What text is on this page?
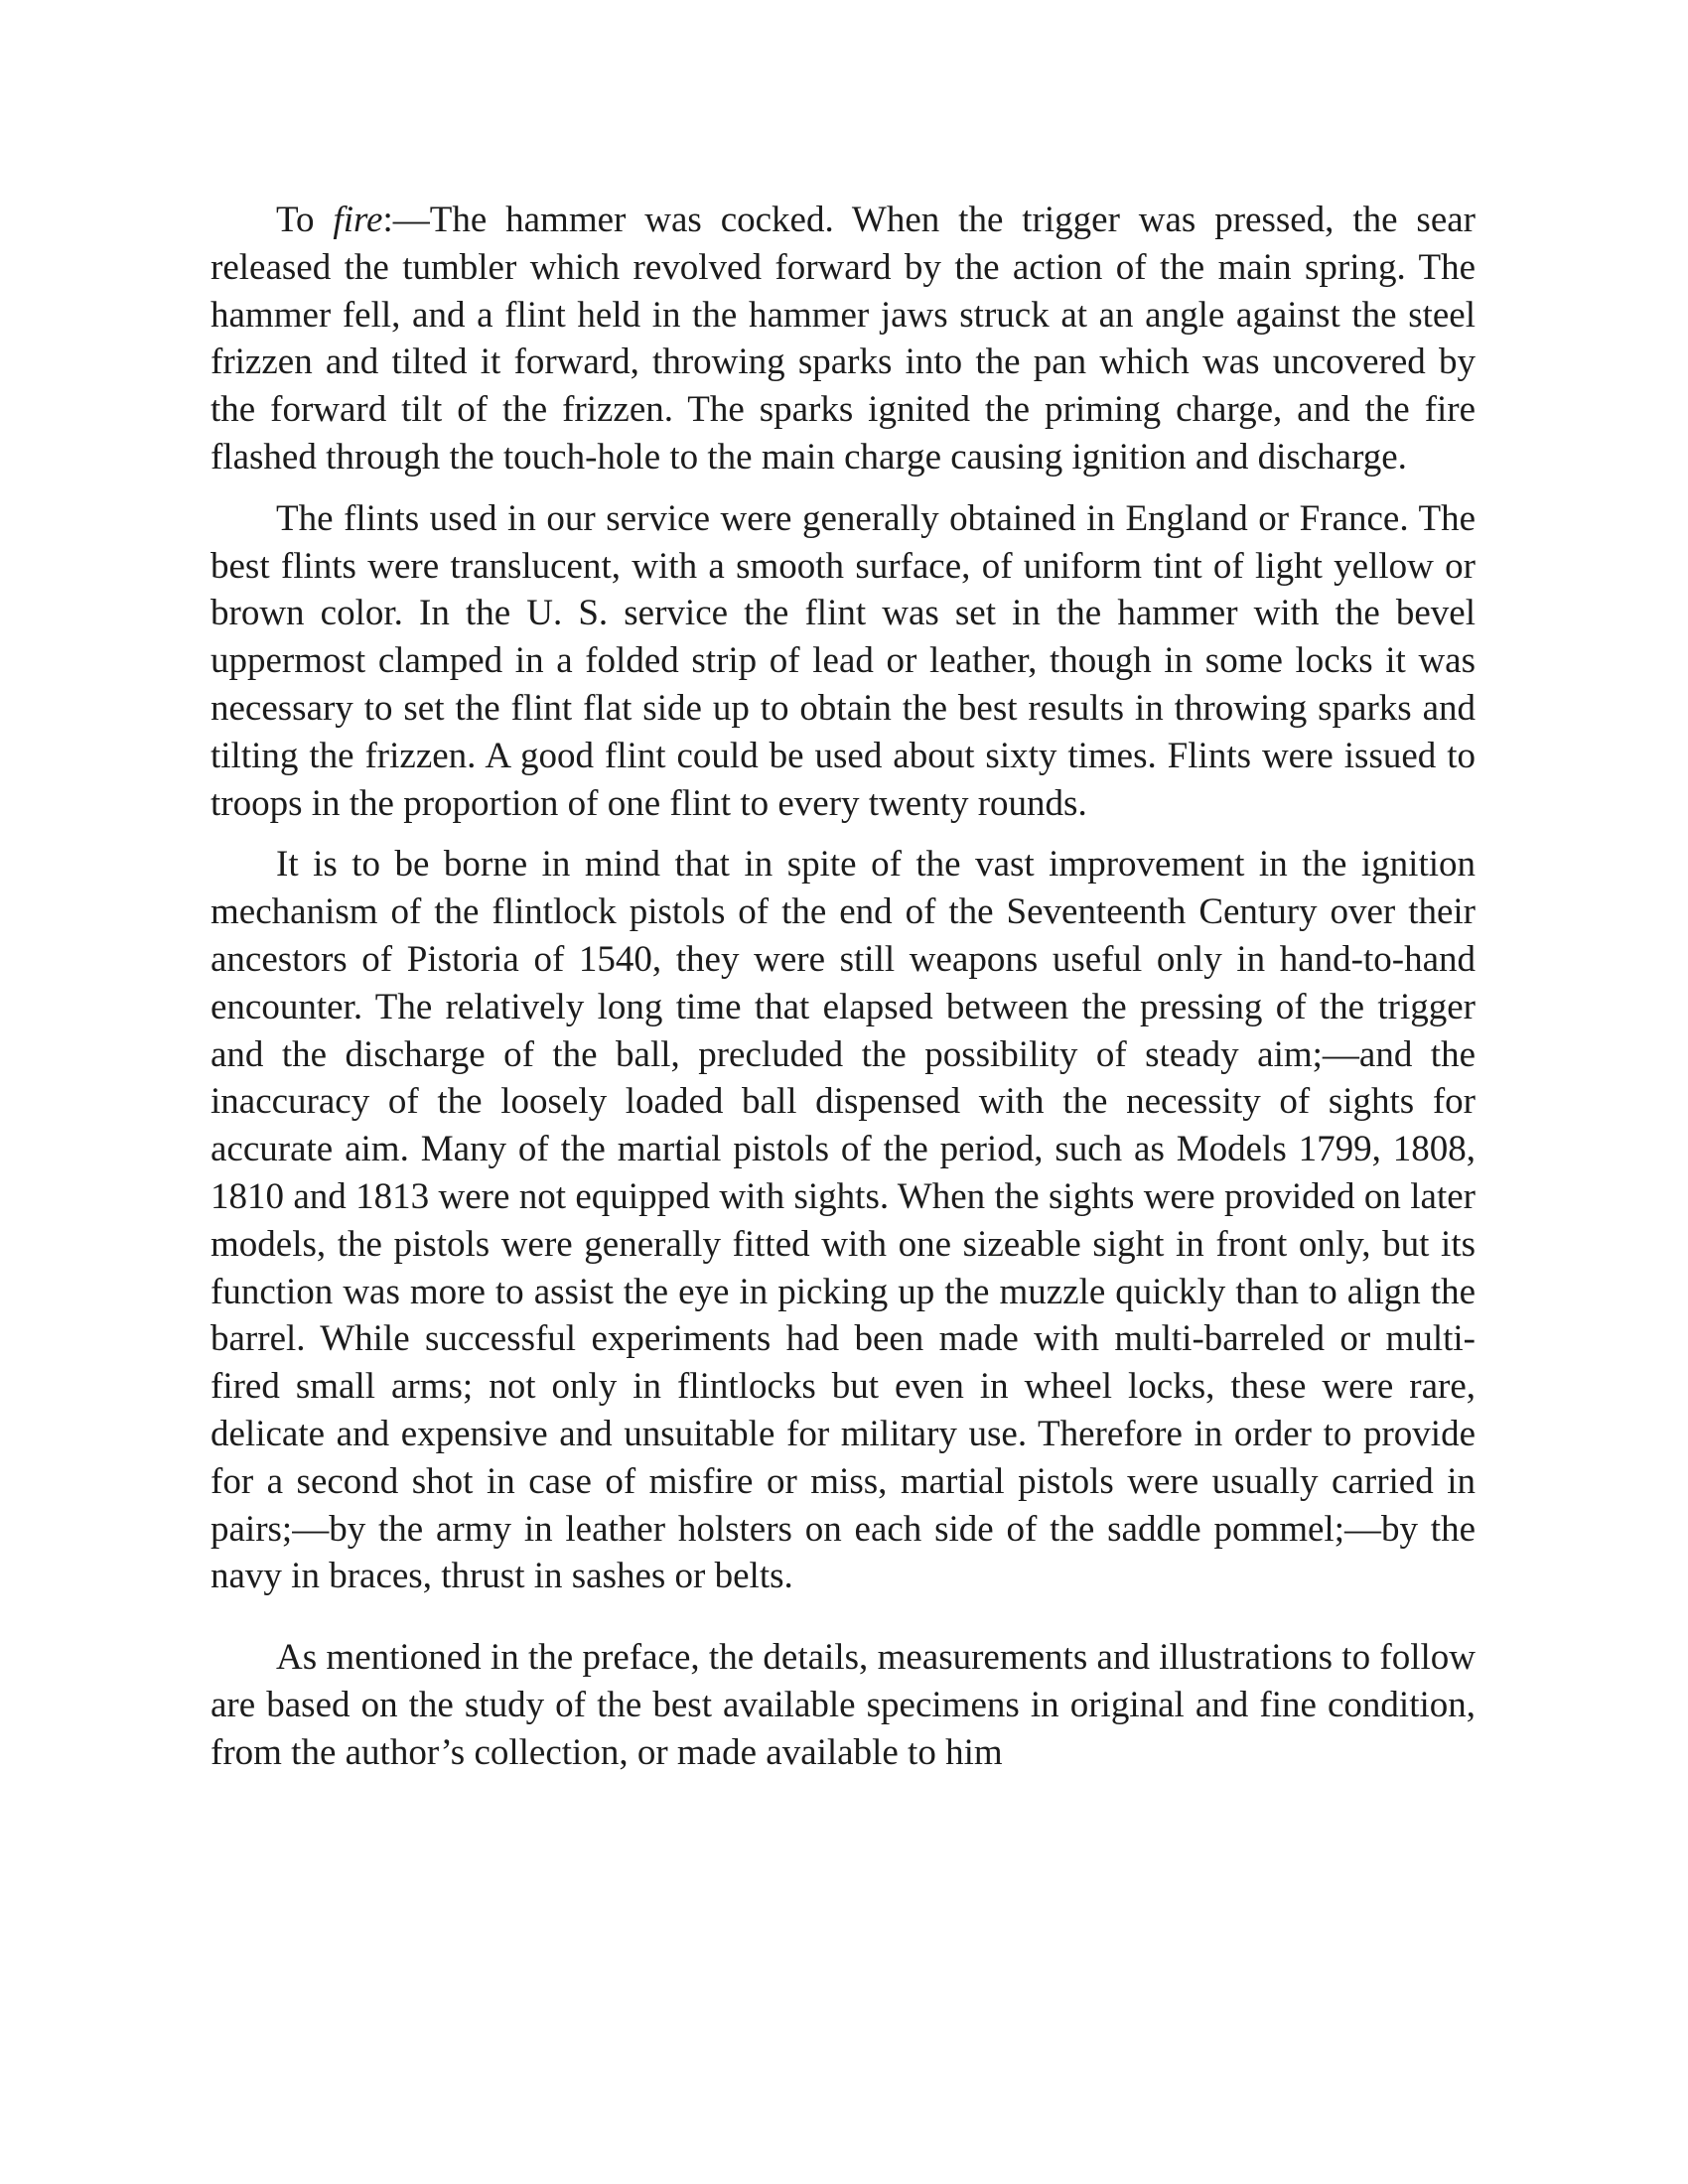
To fire:—The hammer was cocked. When the trigger was pressed, the sear released the tumbler which revolved forward by the action of the main spring. The hammer fell, and a flint held in the hammer jaws struck at an angle against the steel frizzen and tilted it forward, throwing sparks into the pan which was uncovered by the forward tilt of the frizzen. The sparks ignited the priming charge, and the fire flashed through the touch-hole to the main charge causing ignition and discharge.

The flints used in our service were generally obtained in England or France. The best flints were translucent, with a smooth surface, of uniform tint of light yellow or brown color. In the U. S. service the flint was set in the hammer with the bevel uppermost clamped in a folded strip of lead or leather, though in some locks it was necessary to set the flint flat side up to obtain the best results in throwing sparks and tilting the frizzen. A good flint could be used about sixty times. Flints were issued to troops in the proportion of one flint to every twenty rounds.

It is to be borne in mind that in spite of the vast improvement in the ignition mechanism of the flintlock pistols of the end of the Seventeenth Century over their ancestors of Pistoria of 1540, they were still weapons useful only in hand-to-hand encounter. The relatively long time that elapsed between the pressing of the trigger and the discharge of the ball, precluded the possibility of steady aim;—and the inaccuracy of the loosely loaded ball dispensed with the necessity of sights for accurate aim. Many of the martial pistols of the period, such as Models 1799, 1808, 1810 and 1813 were not equipped with sights. When the sights were provided on later models, the pistols were generally fitted with one sizeable sight in front only, but its function was more to assist the eye in picking up the muzzle quickly than to align the barrel. While successful experiments had been made with multi-barreled or multi-fired small arms; not only in flintlocks but even in wheel locks, these were rare, delicate and expensive and unsuitable for military use. Therefore in order to provide for a second shot in case of misfire or miss, martial pistols were usually carried in pairs;—by the army in leather holsters on each side of the saddle pommel;—by the navy in braces, thrust in sashes or belts.

As mentioned in the preface, the details, measurements and illustrations to follow are based on the study of the best available specimens in original and fine condition, from the author’s collection, or made available to him
